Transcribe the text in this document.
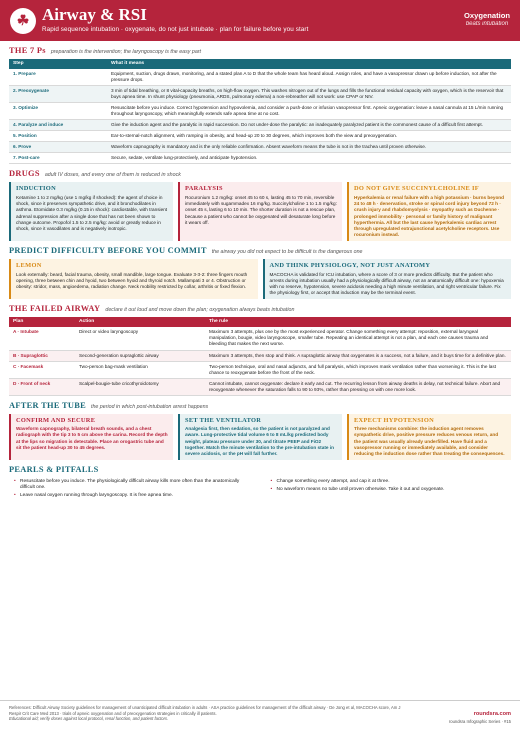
☘ Airway & RSI
Rapid sequence intubation · oxygenate, do not just intubate · plan for failure before you start
Oxygenation
beats intubation
THE 7 Ps preparation is the intervention; the laryngoscopy is the easy part
Step	What it means
1. Prepare	Equipment, suction, drugs drawn, monitoring, and a stated plan A to D that the whole team has heard aloud. Assign roles, and have a vasopressor drawn up before induction, not after the pressure drops.
2. Preoxygenate	3 min of tidal breathing, or 8 vital-capacity breaths, on high-flow oxygen. This washes nitrogen out of the lungs and fills the functional residual capacity with oxygen, which is the reservoir that buys apnea time. In shunt physiology (pneumonia, ARDS, pulmonary edema) a non-rebreather will not work: use CPAP or NIV.
3. Optimize	Resuscitate before you induce. Correct hypotension and hypovolemia, and consider a push-dose or infusion vasopressor first. Apneic oxygenation: leave a nasal cannula at 15 L/min running throughout laryngoscopy, which meaningfully extends safe apnea time at no cost.
4. Paralyze and induce	Give the induction agent and the paralytic in rapid succession. Do not under-dose the paralytic: an inadequately paralyzed patient is the commonest cause of a difficult first attempt.
5. Position	Ear-to-sternal-notch alignment, with ramping in obesity, and head-up 20 to 30 degrees, which improves both the view and preoxygenation.
6. Prove	Waveform capnography is mandatory and is the only reliable confirmation. Absent waveform means the tube is not in the trachea until proven otherwise.
7. Post-care	Secure, sedate, ventilate lung-protectively, and anticipate hypotension.
DRUGS adult IV doses, and every one of them is reduced in shock
INDUCTION

Ketamine 1 to 2 mg/kg (use 1 mg/kg if shocked): the agent of choice in shock, since it preserves sympathetic drive, and it bronchodilates in asthma. Etomidate 0.3 mg/kg (0.15 in shock): cardiostable, with transient adrenal suppression after a single dose that has not been shown to change outcome. Propofol 1.5 to 2.5 mg/kg: avoid or greatly reduce in shock, since it vasodilates and is negatively inotropic.

PARALYSIS

Rocuronium 1.2 mg/kg: onset 45 to 60 s, lasting 45 to 70 min, reversible immediately with sugammadex 16 mg/kg. Succinylcholine 1 to 1.5 mg/kg: onset 45 s, lasting 6 to 10 min. The shorter duration is not a rescue plan, because a patient who cannot be oxygenated will desaturate long before it wears off.

DO NOT GIVE SUCCINYLCHOLINE IF

Hyperkalemia or renal failure with a high potassium · burns beyond 24 to 48 h · denervation, stroke or spinal cord injury beyond 72 h · crush injury and rhabdomyolysis · myopathy such as Duchenne · prolonged immobility · personal or family history of malignant hyperthermia. All but the last cause hyperkalemic cardiac arrest through upregulated extrajunctional acetylcholine receptors. Use rocuronium instead.

PREDICT DIFFICULTY BEFORE YOU COMMIT the airway you did not expect to be difficult is the dangerous one
LEMON

Look externally: beard, facial trauma, obesity, small mandible, large tongue. Evaluate 3-3-2: three fingers mouth opening, three between chin and hyoid, two between hyoid and thyroid notch. Mallampati 3 or 4. Obstruction or obesity: stridor, mass, angioedema, radiation change. Neck mobility restricted by collar, arthritis or fixed flexion.

AND THINK PHYSIOLOGY, NOT JUST ANATOMY

MACOCHA is validated for ICU intubation, where a score of 3 or more predicts difficulty. But the patient who arrests during intubation usually had a physiologically difficult airway, not an anatomically difficult one: hypoxemia with no reserve, hypotension, severe acidosis needing a high minute ventilation, and right ventricular failure. Fix the physiology first, or accept that induction may be the terminal event.

THE FAILED AIRWAY declare it out loud and move down the plan; oxygenation always beats intubation
Plan	Action	The rule
A · Intubate	Direct or video laryngoscopy	Maximum 3 attempts, plus one by the most experienced operator. Change something every attempt: reposition, external laryngeal manipulation, bougie, video laryngoscope, smaller tube. Repeating an identical attempt is not a plan, and each one causes trauma and bleeding that makes the next worse.
B · Supraglottic	Second-generation supraglottic airway	Maximum 3 attempts, then stop and think. A supraglottic airway that oxygenates is a success, not a failure, and it buys time for a definitive plan.
C · Facemask	Two-person bag-mask ventilation	Two-person technique, oral and nasal adjuncts, and full paralysis, which improves mask ventilation rather than worsening it. This is the last chance to reoxygenate before the front of the neck.
D · Front of neck	Scalpel-bougie-tube cricothyroidotomy	Cannot intubate, cannot oxygenate: declare it early and cut. The recurring lesson from airway deaths is delay, not technical failure. Abort and reoxygenate whenever the saturation falls to 90 to 93%, rather than pressing on with one more look.
AFTER THE TUBE the period in which post-intubation arrest happens
CONFIRM AND SECURE

Waveform capnography, bilateral breath sounds, and a chest radiograph with the tip 3 to 5 cm above the carina. Record the depth at the lips so migration is detectable. Place an orogastric tube and sit the patient head-up 30 to 45 degrees.

SET THE VENTILATOR

Analgesia first, then sedation, so the patient is not paralyzed and aware. Lung-protective tidal volume 6 to 8 mL/kg predicted body weight, plateau pressure under 30, and titrate PEEP and FiO2 together. Match the minute ventilation to the pre-intubation state in severe acidosis, or the pH will fall further.

EXPECT HYPOTENSION

Three mechanisms combine: the induction agent removes sympathetic drive, positive pressure reduces venous return, and the patient was usually already underfilled. Have fluid and a vasopressor running or immediately available, and consider reducing the induction dose rather than treating the consequences.

PEARLS & PITFALLS
• Resuscitate before you induce. The physiologically difficult airway kills more often than the anatomically difficult one.
• Leave nasal oxygen running through laryngoscopy. It is free apnea time.
• Change something every attempt, and cap it at three.
• No waveform means no tube until proven otherwise. Take it out and oxygenate.
References: Difficult Airway Society guidelines for management of unanticipated difficult intubation in adults · ASA practice guidelines for management of the difficult airway · De Jong et al, MACOCHA score, Am J Respir Crit Care Med 2013 · trials of apneic oxygenation and of preoxygenation strategies in critically ill patients.
Educational aid; verify doses against local protocol, renal function, and patient factors.
roundsra.com
roundsra Infographic Series · #15
